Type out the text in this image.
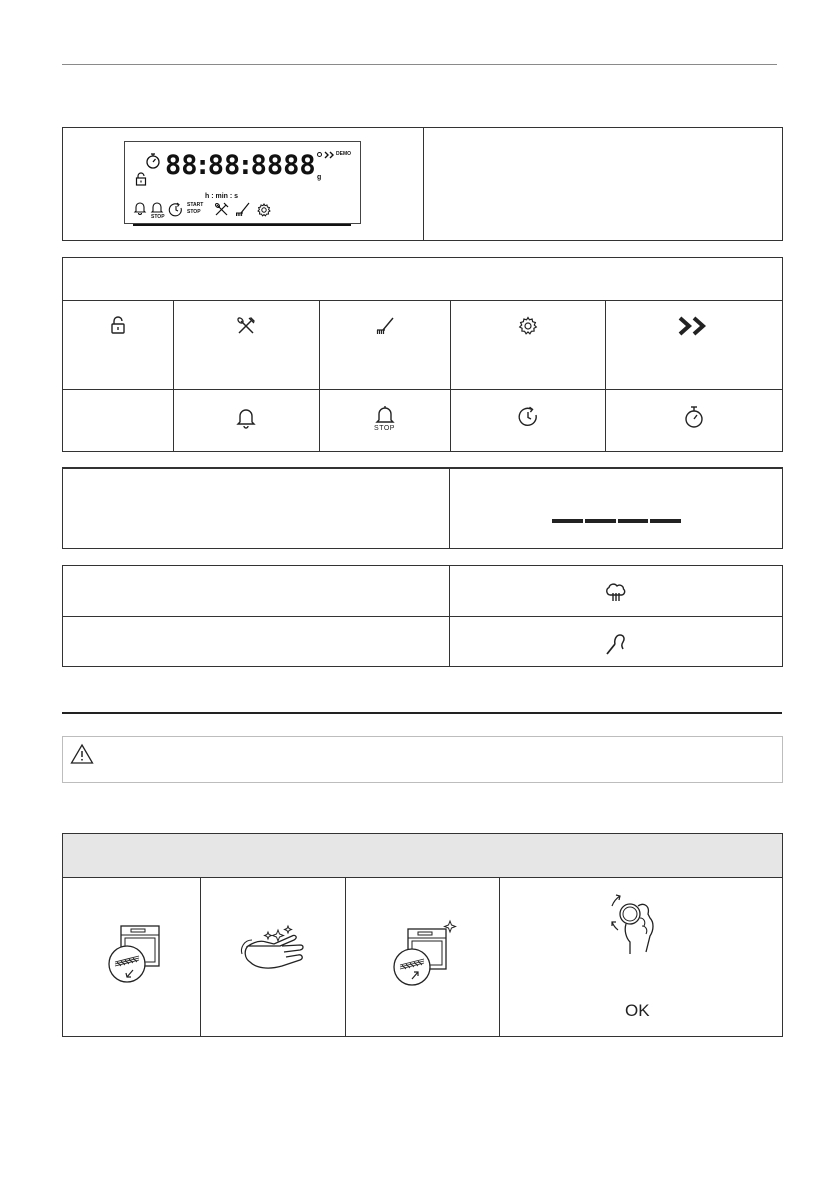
88:88:8888	DEMO
g
h : min : s
STOP
START
STOP
STOP
OK
